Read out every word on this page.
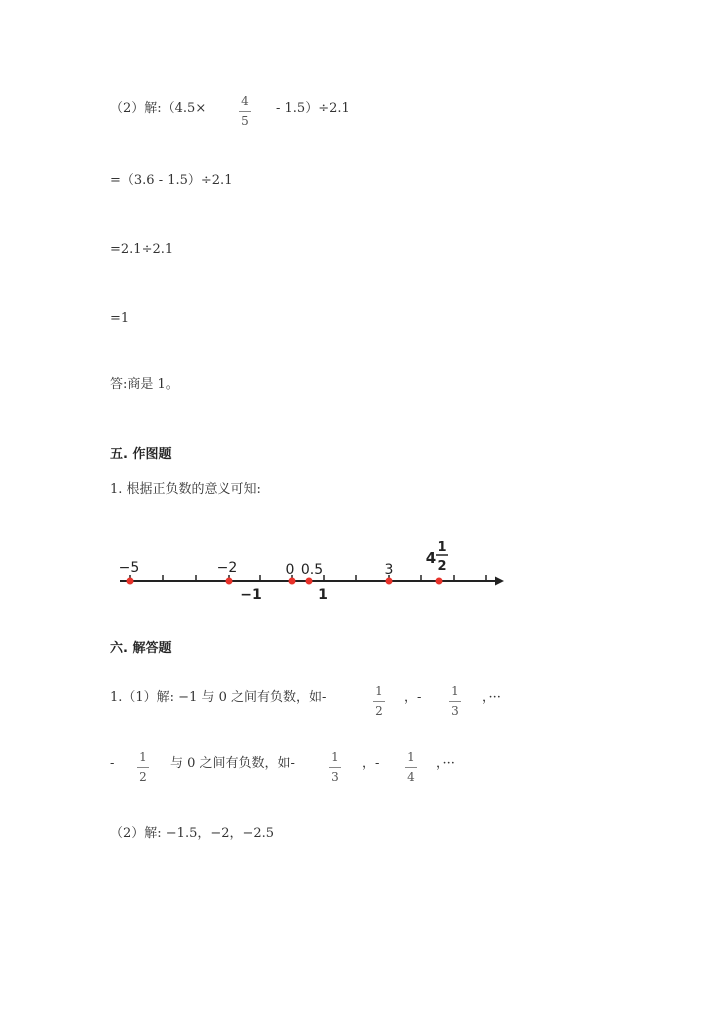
（2）解:（4.5×	4
5
- 1.5）÷2.1
=（3.6 - 1.5）÷2.1
=2.1÷2.1
=1
答:商是 1。
五. 作图题
1. 根据正负数的意义可知:
−5	−2	0 0.5	3
4
1
2
−1	1
六. 解答题
1.（1）解: −1 与 0 之间有负数，如-	1
2
，-	1
3
，···
-	1
2
与 0 之间有负数，如-	1
3
，-	1
4
，···
（2）解: −1.5，−2，−2.5
